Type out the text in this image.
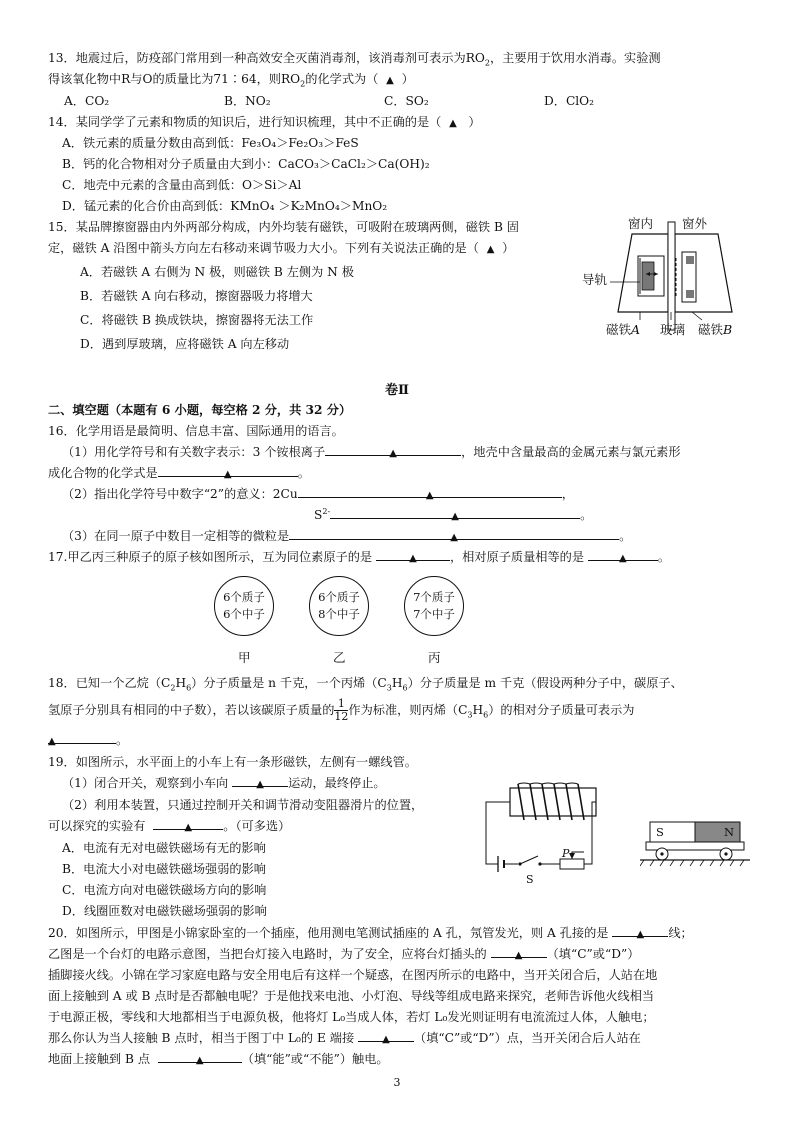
13．地震过后，防疫部门常用到一种高效安全灭菌消毒剂，该消毒剂可表示为$RO_2$，主要用于饮用水消毒。实验测
得该氧化物中R与O的质量比为71∶64，则$RO_2$的化学式为（ ▲ ）
A．CO₂	B．NO₂	C．SO₂	D．ClO₂
14．某同学学了元素和物质的知识后，进行知识梳理，其中不正确的是（ ▲ ）
A．铁元素的质量分数由高到低：Fe₃O₄＞Fe₂O₃＞FeS
B．钙的化合物相对分子质量由大到小：CaCO₃＞CaCl₂＞Ca(OH)₂
C．地壳中元素的含量由高到低：O＞Si＞Al
D．锰元素的化合价由高到低：KMnO₄ ＞K₂MnO₄＞MnO₂
15．某品牌擦窗器由内外两部分构成，内外均装有磁铁，可吸附在玻璃两侧，磁铁 B 固
定，磁铁 A 沿图中箭头方向左右移动来调节吸力大小。下列有关说法正确的是（ ▲ ）
A．若磁铁 A 右侧为 N 极，则磁铁 B 左侧为 N 极
B．若磁铁 A 向右移动，擦窗器吸力将增大
C．将磁铁 B 换成铁块，擦窗器将无法工作
D．遇到厚玻璃，应将磁铁 A 向左移动
窗内 窗外
导轨
磁铁A 玻璃 磁铁B
卷Ⅱ
二、填空题（本题有 6 小题，每空格 2 分，共 32 分）
16．化学用语是最简明、信息丰富、国际通用的语言。
（1）用化学符号和有关数字表示：3 个铵根离子	▲	，地壳中含量最高的金属元素与氯元素形
成化合物的化学式是	▲	。
（2）指出化学符号中数字“2”的意义：2Cu	▲	，
$S^{2-}$	▲	。
（3）在同一原子中数目一定相等的微粒是	▲	。
17.甲乙丙三种原子的原子核如图所示，互为同位素原子的是	▲	，相对原子质量相等的是	▲	。
6个质子
6个中子
6个质子
8个中子
7个质子
7个中子
甲	乙	丙
18．已知一个乙烷$(C_2H_6)$分子质量是 n 千克，一个丙烯$(C_3H_6)$分子质量是 m 千克（假设两种分子中，碳原子、
氢原子分别具有相同的中子数），若以该碳原子质量的 $\frac{1}{12}$ 作为标准，则丙烯$(C_3H_6)$的相对分子质量可表示为
▲	。
19．如图所示，水平面上的小车上有一条形磁铁，左侧有一螺线管。
（1）闭合开关，观察到小车向	▲ 运动，最终停止。
（2）利用本装置，只通过控制开关和调节滑动变阻器滑片的位置，
可以探究的实验有	▲	。（可多选）
A．电流有无对电磁铁磁场有无的影响
B．电流大小对电磁铁磁场强弱的影响
C．电流方向对电磁铁磁场方向的影响
D．线圈匝数对电磁铁磁场强弱的影响
P
S
S	N
20．如图所示，甲图是小锦家卧室的一个插座，他用测电笔测试插座的 A 孔，氖管发光，则 A 孔接的是	▲ 线；
乙图是一个台灯的电路示意图，当把台灯接入电路时，为了安全，应将台灯插头的	▲ （填“C”或“D”）
插脚接火线。小锦在学习家庭电路与安全用电后有这样一个疑惑，在图丙所示的电路中，当开关闭合后，人站在地
面上接触到 A 或 B 点时是否都触电呢？于是他找来电池、小灯泡、导线等组成电路来探究，老师告诉他火线相当
于电源正极，零线和大地都相当于电源负极，他将灯 L₀当成人体，若灯 L₀发光则证明有电流流过人体，人触电；
那么你认为当人接触 B 点时，相当于图丁中 L₀的 E 端接	▲ （填“C”或“D”）点，当开关闭合后人站在
地面上接触到 B 点	▲	（填“能”或“不能”）触电。
3
